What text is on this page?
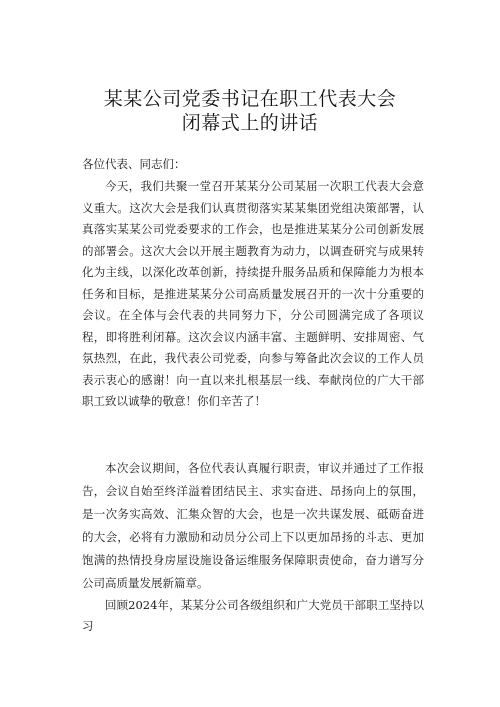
某某公司党委书记在职工代表大会
闭幕式上的讲话
各位代表、同志们：

今天，我们共聚一堂召开某某分公司某届一次职工代表大会意义重大。这次大会是我们认真贯彻落实某某集团党组决策部署，认真落实某某公司党委要求的工作会，也是推进某某分公司创新发展的部署会。这次大会以开展主题教育为动力，以调查研究与成果转化为主线，以深化改革创新，持续提升服务品质和保障能力为根本任务和目标，是推进某某分公司高质量发展召开的一次十分重要的会议。在全体与会代表的共同努力下，分公司圆满完成了各项议程，即将胜利闭幕。这次会议内涵丰富、主题鲜明、安排周密、气氛热烈，在此，我代表公司党委，向参与筹备此次会议的工作人员表示衷心的感谢！向一直以来扎根基层一线、奉献岗位的广大干部职工致以诚挚的敬意！你们辛苦了！

本次会议期间，各位代表认真履行职责，审议并通过了工作报告，会议自始至终洋溢着团结民主、求实奋进、昂扬向上的氛围，是一次务实高效、汇集众智的大会，也是一次共谋发展、砥砺奋进的大会，必将有力激励和动员分公司上下以更加昂扬的斗志、更加饱满的热情投身房屋设施设备运维服务保障职责使命，奋力谱写分公司高质量发展新篇章。

回顾2024年，某某分公司各级组织和广大党员干部职工坚持以习
